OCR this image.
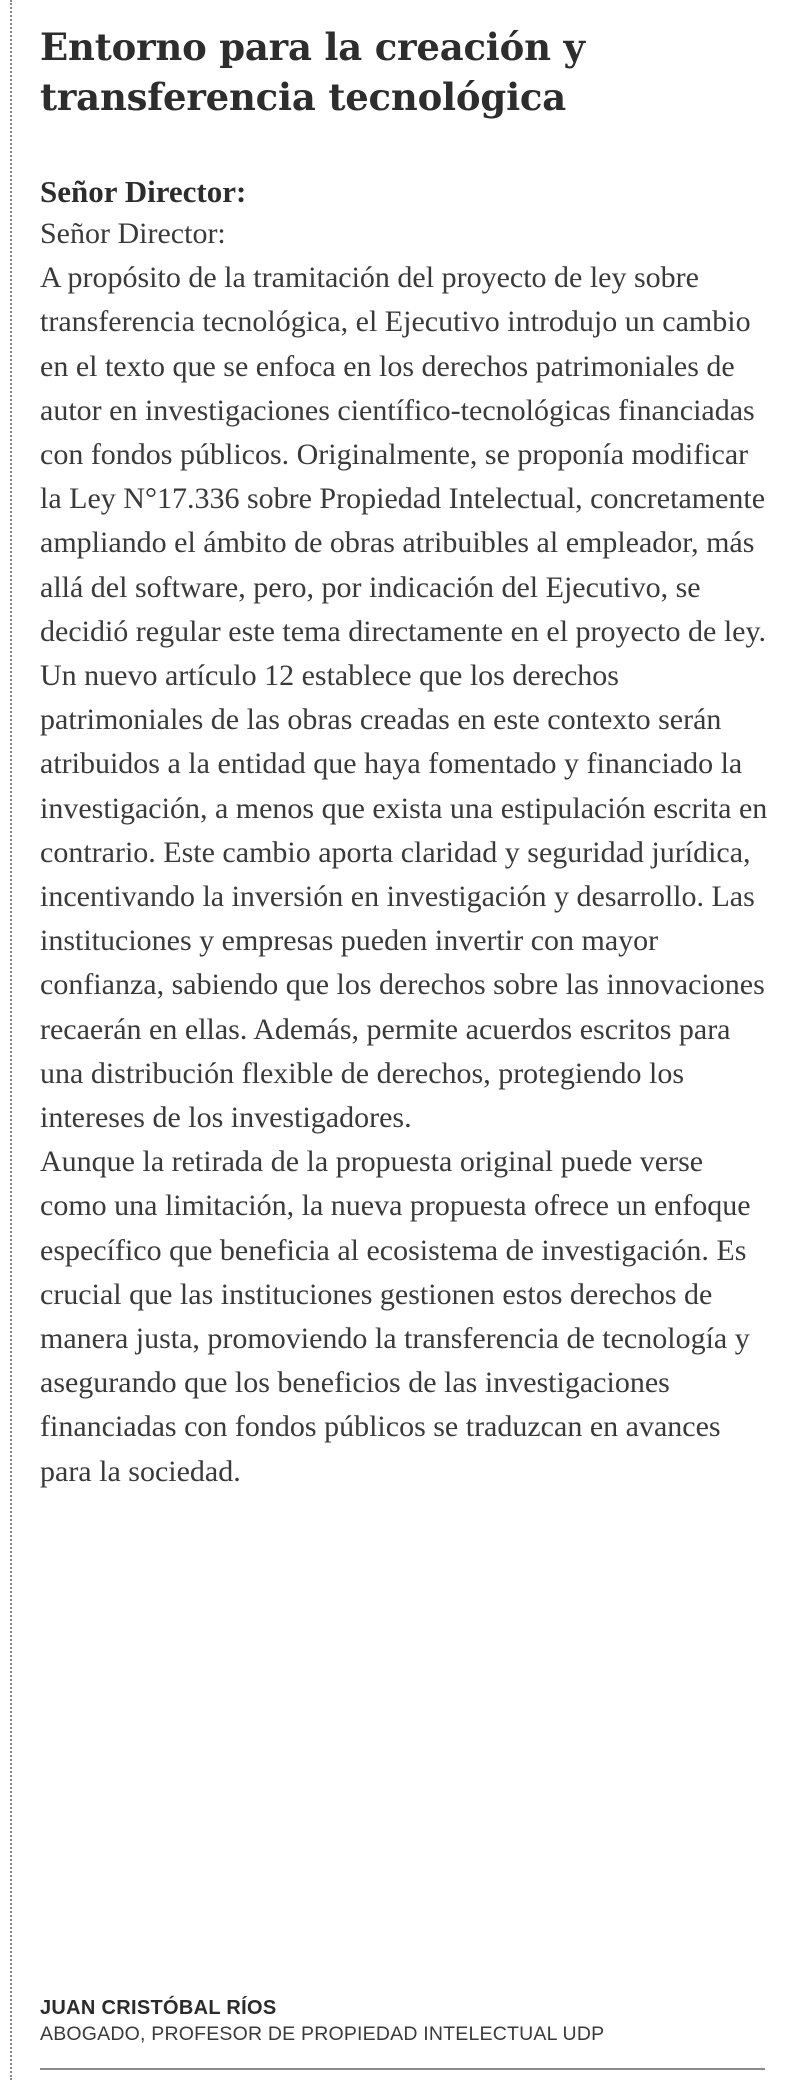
Entorno para la creación y
transferencia tecnológica
Señor Director:

Señor Director:

A propósito de la tramitación del proyecto de ley sobre transferencia tecnológica, el Ejecutivo introdujo un cambio en el texto que se enfoca en los derechos patrimoniales de autor en investigaciones científico-tecnológicas financiadas con fondos públicos. Originalmente, se proponía modificar la Ley N°17.336 sobre Propiedad Intelectual, concretamente ampliando el ámbito de obras atribuibles al empleador, más allá del software, pero, por indicación del Ejecutivo, se decidió regular este tema directamente en el proyecto de ley.

Un nuevo artículo 12 establece que los derechos patrimoniales de las obras creadas en este contexto serán atribuidos a la entidad que haya fomentado y financiado la investigación, a menos que exista una estipulación escrita en contrario. Este cambio aporta claridad y seguridad jurídica, incentivando la inversión en investigación y desarrollo. Las instituciones y empresas pueden invertir con mayor confianza, sabiendo que los derechos sobre las innovaciones recaerán en ellas. Además, permite acuerdos escritos para una distribución flexible de derechos, protegiendo los intereses de los investigadores.

Aunque la retirada de la propuesta original puede verse como una limitación, la nueva propuesta ofrece un enfoque específico que beneficia al ecosistema de investigación. Es crucial que las instituciones gestionen estos derechos de manera justa, promoviendo la transferencia de tecnología y asegurando que los beneficios de las investigaciones financiadas con fondos públicos se traduzcan en avances para la sociedad.

JUAN CRISTÓBAL RÍOS
ABOGADO, PROFESOR DE PROPIEDAD INTELECTUAL UDP
